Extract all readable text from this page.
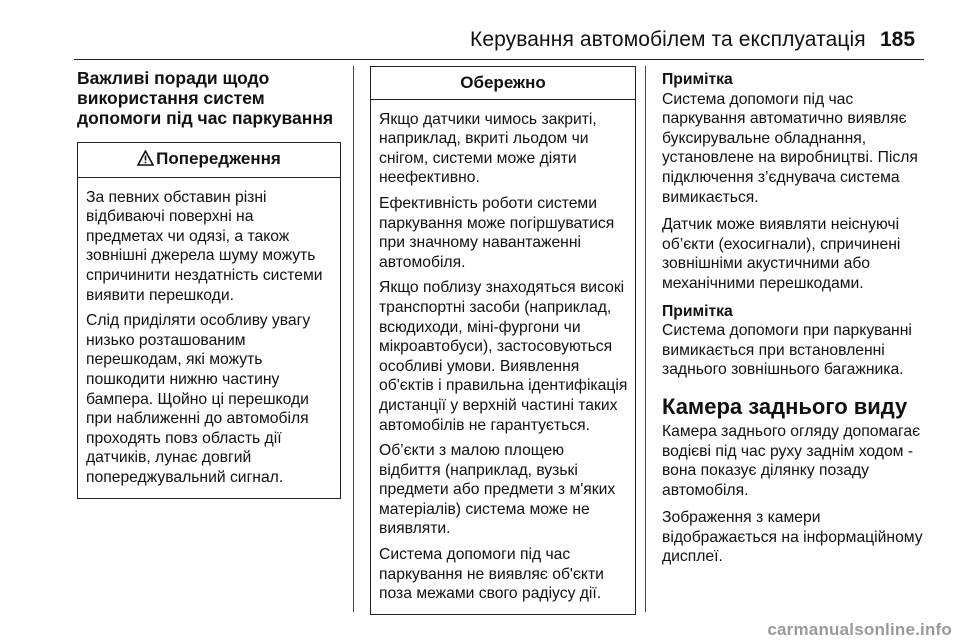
Керування автомобілем та експлуатація 185
Важливі поради щодо використання систем допомоги під час паркування
Попередження

За певних обставин різні відбиваючі поверхні на предметах чи одязі, а також зовнішні джерела шуму можуть спричинити нездатність системи виявити перешкоди.

Слід приділяти особливу увагу низько розташованим перешкодам, які можуть пошкодити нижню частину бампера. Щойно ці перешкоди при наближенні до автомобіля проходять повз область дії датчиків, лунає довгий попереджувальний сигнал.

Обережно

Якщо датчики чимось закриті, наприклад, вкриті льодом чи снігом, системи може діяти неефективно.

Ефективність роботи системи паркування може погіршуватися при значному навантаженні автомобіля.

Якщо поблизу знаходяться високі транспортні засоби (наприклад, всюдиходи, міні-фургони чи мікроавтобуси), застосовуються особливі умови. Виявлення об'єктів і правильна ідентифікація дистанції у верхній частині таких автомобілів не гарантується.

Об’єкти з малою площею відбиття (наприклад, вузькі предмети або предмети з м'яких матеріалів) система може не виявляти.

Система допомоги під час паркування не виявляє об'єкти поза межами свого радіусу дії.

Примітка
Система допомоги під час паркування автоматично виявляє буксирувальне обладнання, установлене на виробництві. Після підключення з’єднувача система вимикається.

Датчик може виявляти неіснуючі об’єкти (ехосигнали), спричинені зовнішніми акустичними або механічними перешкодами.

Примітка
Система допомоги при паркуванні вимикається при встановленні заднього зовнішнього багажника.

Камера заднього виду

Камера заднього огляду допомагає водієві під час руху заднім ходом - вона показує ділянку позаду автомобіля.

Зображення з камери відображається на інформаційному дисплеї.

carmanualsonline.info
